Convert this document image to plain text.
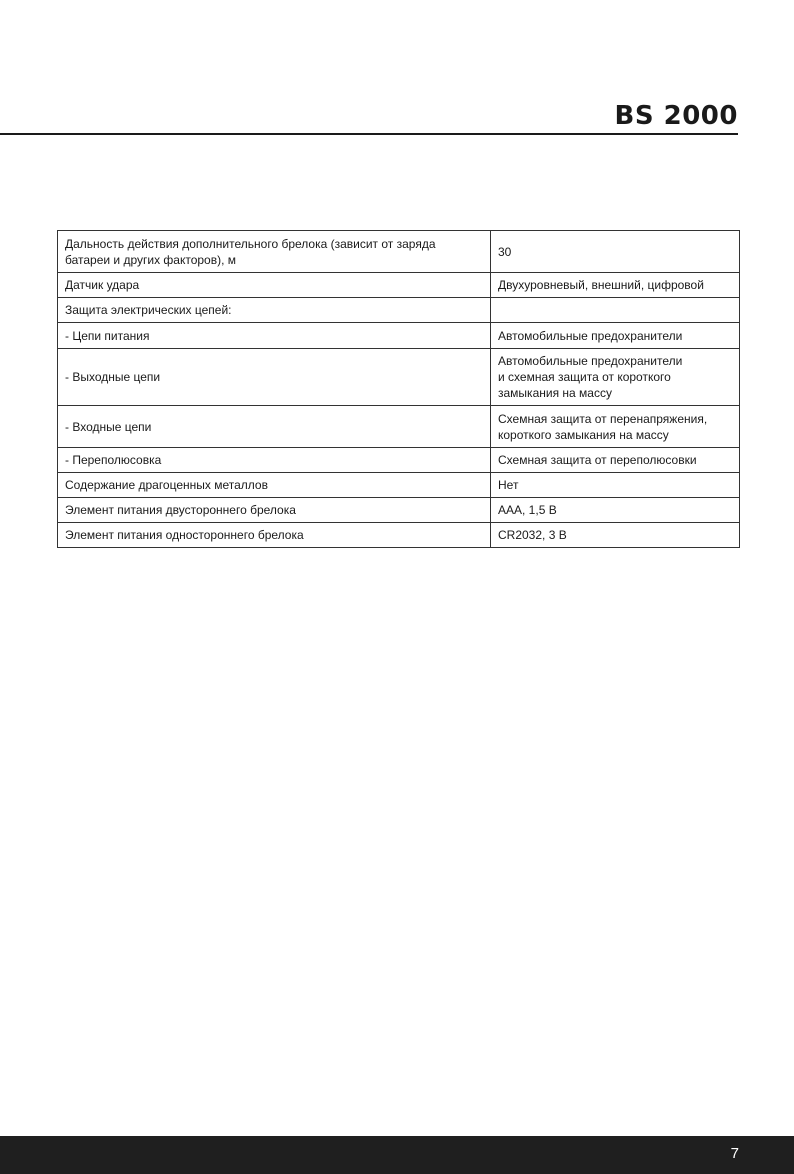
BS 2000
Дальность действия дополнительного брелока (зависит от заряда
батареи и других факторов), м	30
Датчик удара	Двухуровневый, внешний, цифровой
Защита электрических цепей:	
- Цепи питания	Автомобильные предохранители
- Выходные цепи	Автомобильные предохранители
и схемная защита от короткого
замыкания на массу
- Входные цепи	Схемная защита от перенапряжения,
короткого замыкания на массу
- Переполюсовка	Схемная защита от переполюсовки
Содержание драгоценных металлов	Нет
Элемент питания двустороннего брелока	AAA, 1,5 В
Элемент питания одностороннего брелока	CR2032, 3 В
7
